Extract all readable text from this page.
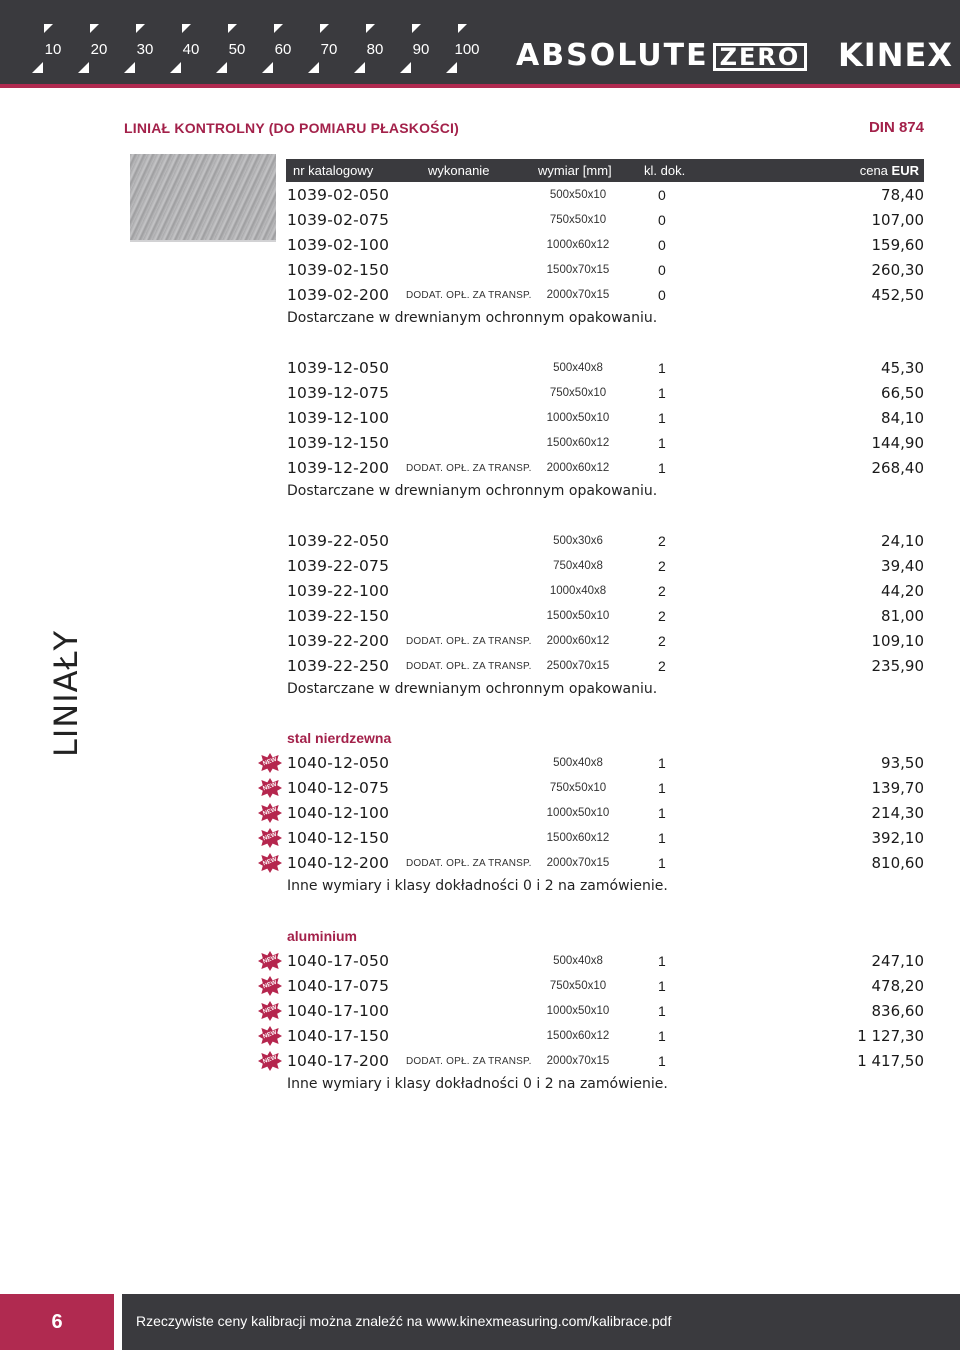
10	20	30	40	50	60	70	80	90	100	ABSOLUTE ZERO KINEX
LINIAŁ KONTROLNY (DO POMIARU PŁASKOŚCI)	DIN 874
LINIAŁY
nr katalogowy	wykonanie	wymiar [mm] kl. dok.	cena EUR
1039-02-050	500x50x10	0	78,40
1039-02-075	750x50x10	0	107,00
1039-02-100	1000x60x12	0	159,60
1039-02-150	1500x70x15	0	260,30
1039-02-200 DODAT. OPŁ. ZA TRANSP.	2000x70x15	0	452,50
Dostarczane w drewnianym ochronnym opakowaniu.
1039-12-050	500x40x8	1	45,30
1039-12-075	750x50x10	1	66,50
1039-12-100	1000x50x10	1	84,10
1039-12-150	1500x60x12	1	144,90
1039-12-200 DODAT. OPŁ. ZA TRANSP.	2000x60x12	1	268,40
Dostarczane w drewnianym ochronnym opakowaniu.
1039-22-050	500x30x6	2	24,10
1039-22-075	750x40x8	2	39,40
1039-22-100	1000x40x8	2	44,20
1039-22-150	1500x50x10	2	81,00
1039-22-200 DODAT. OPŁ. ZA TRANSP.	2000x60x12	2	109,10
1039-22-250 DODAT. OPŁ. ZA TRANSP.	2500x70x15	2	235,90
Dostarczane w drewnianym ochronnym opakowaniu.
stal nierdzewna
NEW 1040-12-050	500x40x8	1	93,50
NEW 1040-12-075	750x50x10	1	139,70
NEW 1040-12-100	1000x50x10	1	214,30
NEW 1040-12-150	1500x60x12	1	392,10
NEW 1040-12-200 DODAT. OPŁ. ZA TRANSP.	2000x70x15	1	810,60
Inne wymiary i klasy dokładności 0 i 2 na zamówienie.
aluminium
NEW 1040-17-050	500x40x8	1	247,10
NEW 1040-17-075	750x50x10	1	478,20
NEW 1040-17-100	1000x50x10	1	836,60
NEW 1040-17-150	1500x60x12	1	1 127,30
NEW 1040-17-200 DODAT. OPŁ. ZA TRANSP.	2000x70x15	1	1 417,50
Inne wymiary i klasy dokładności 0 i 2 na zamówienie.
6	Rzeczywiste ceny kalibracji można znaleźć na www.kinexmeasuring.com/kalibrace.pdf
